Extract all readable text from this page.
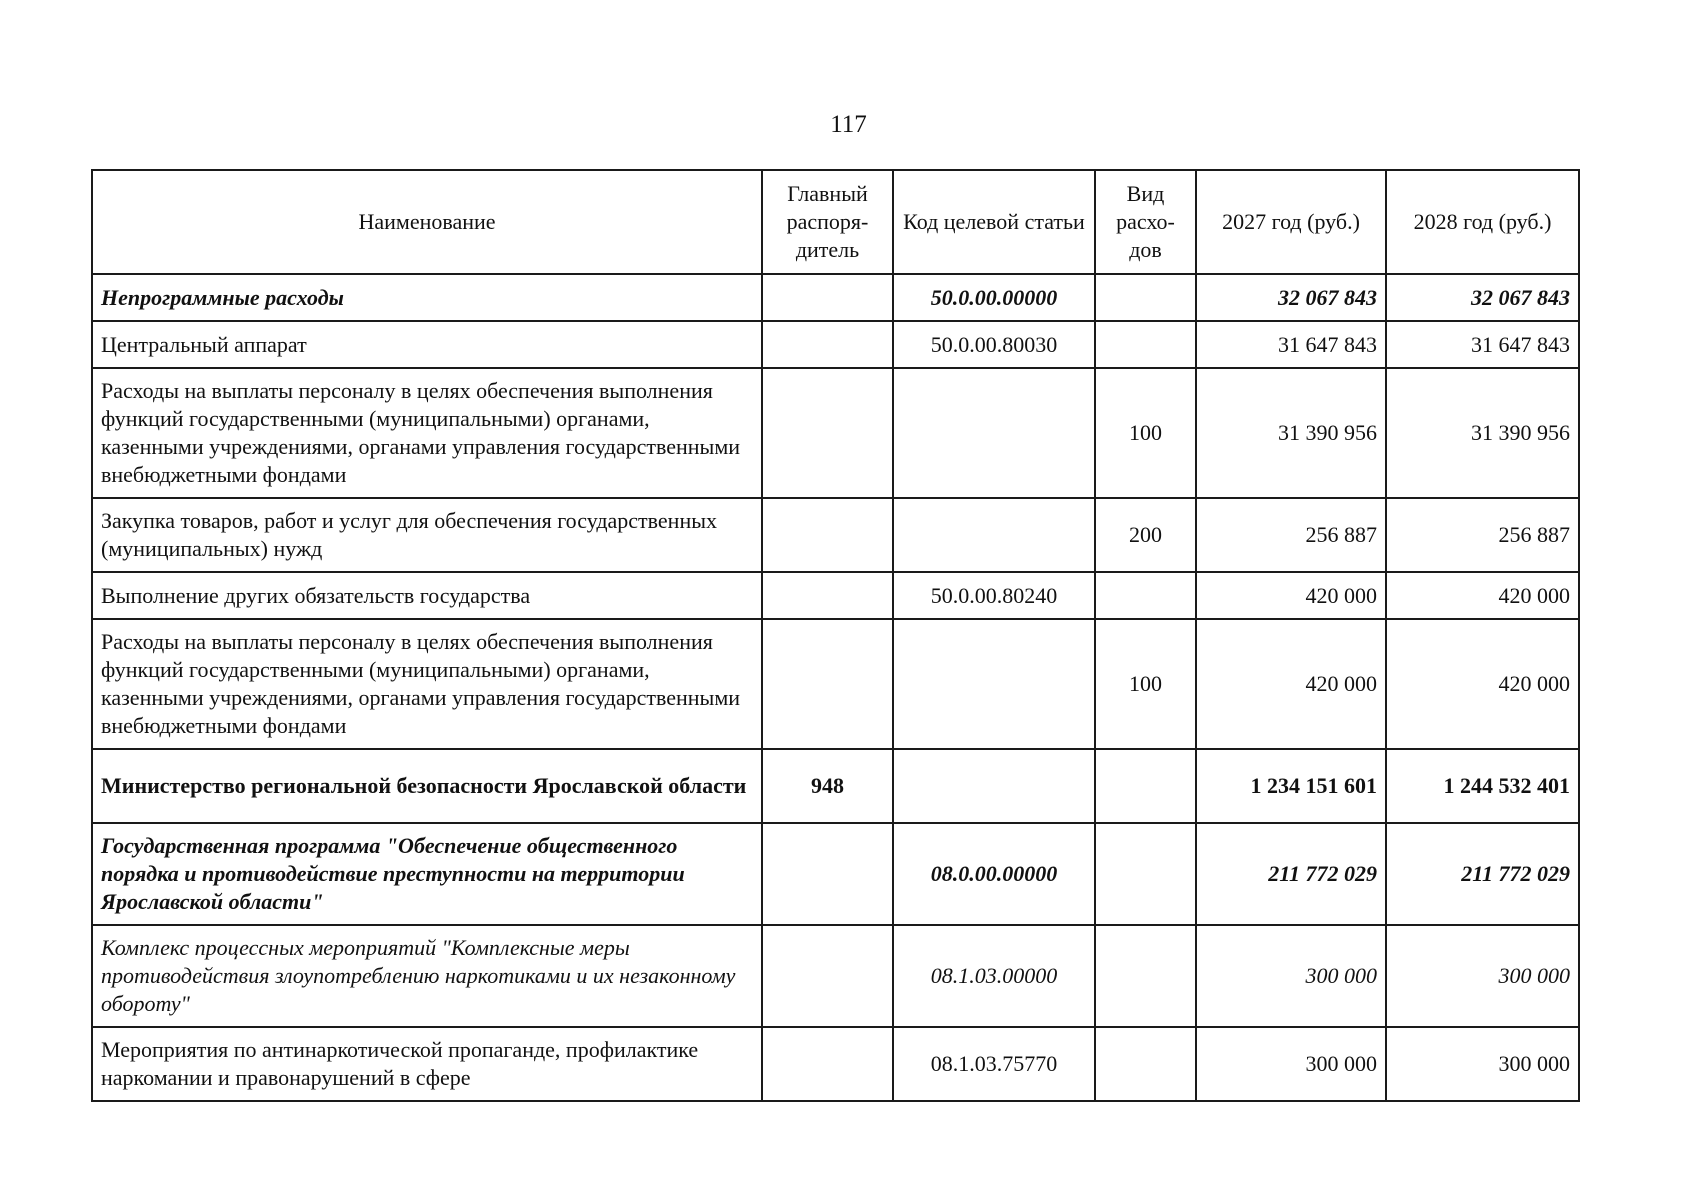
117
Наименование	Главный распоря-дитель	Код целевой статьи	Вид расхо-дов	2027 год (руб.)	2028 год (руб.)
Непрограммные расходы		50.0.00.00000		32 067 843	32 067 843
Центральный аппарат		50.0.00.80030		31 647 843	31 647 843
Расходы на выплаты персоналу в целях обеспечения выполнения функций государственными (муниципальными) органами, казенными учреждениями, органами управления государственными внебюджетными фондами			100	31 390 956	31 390 956
Закупка товаров, работ и услуг для обеспечения государственных (муниципальных) нужд			200	256 887	256 887
Выполнение других обязательств государства		50.0.00.80240		420 000	420 000
Расходы на выплаты персоналу в целях обеспечения выполнения функций государственными (муниципальными) органами, казенными учреждениями, органами управления государственными внебюджетными фондами			100	420 000	420 000
Министерство региональной безопасности Ярославской области	948			1 234 151 601	1 244 532 401
Государственная программа "Обеспечение общественного порядка и противодействие преступности на территории Ярославской области"		08.0.00.00000		211 772 029	211 772 029
Комплекс процессных мероприятий "Комплексные меры противодействия злоупотреблению наркотиками и их незаконному обороту"		08.1.03.00000		300 000	300 000
Мероприятия по антинаркотической пропаганде, профилактике наркомании и правонарушений в сфере		08.1.03.75770		300 000	300 000
